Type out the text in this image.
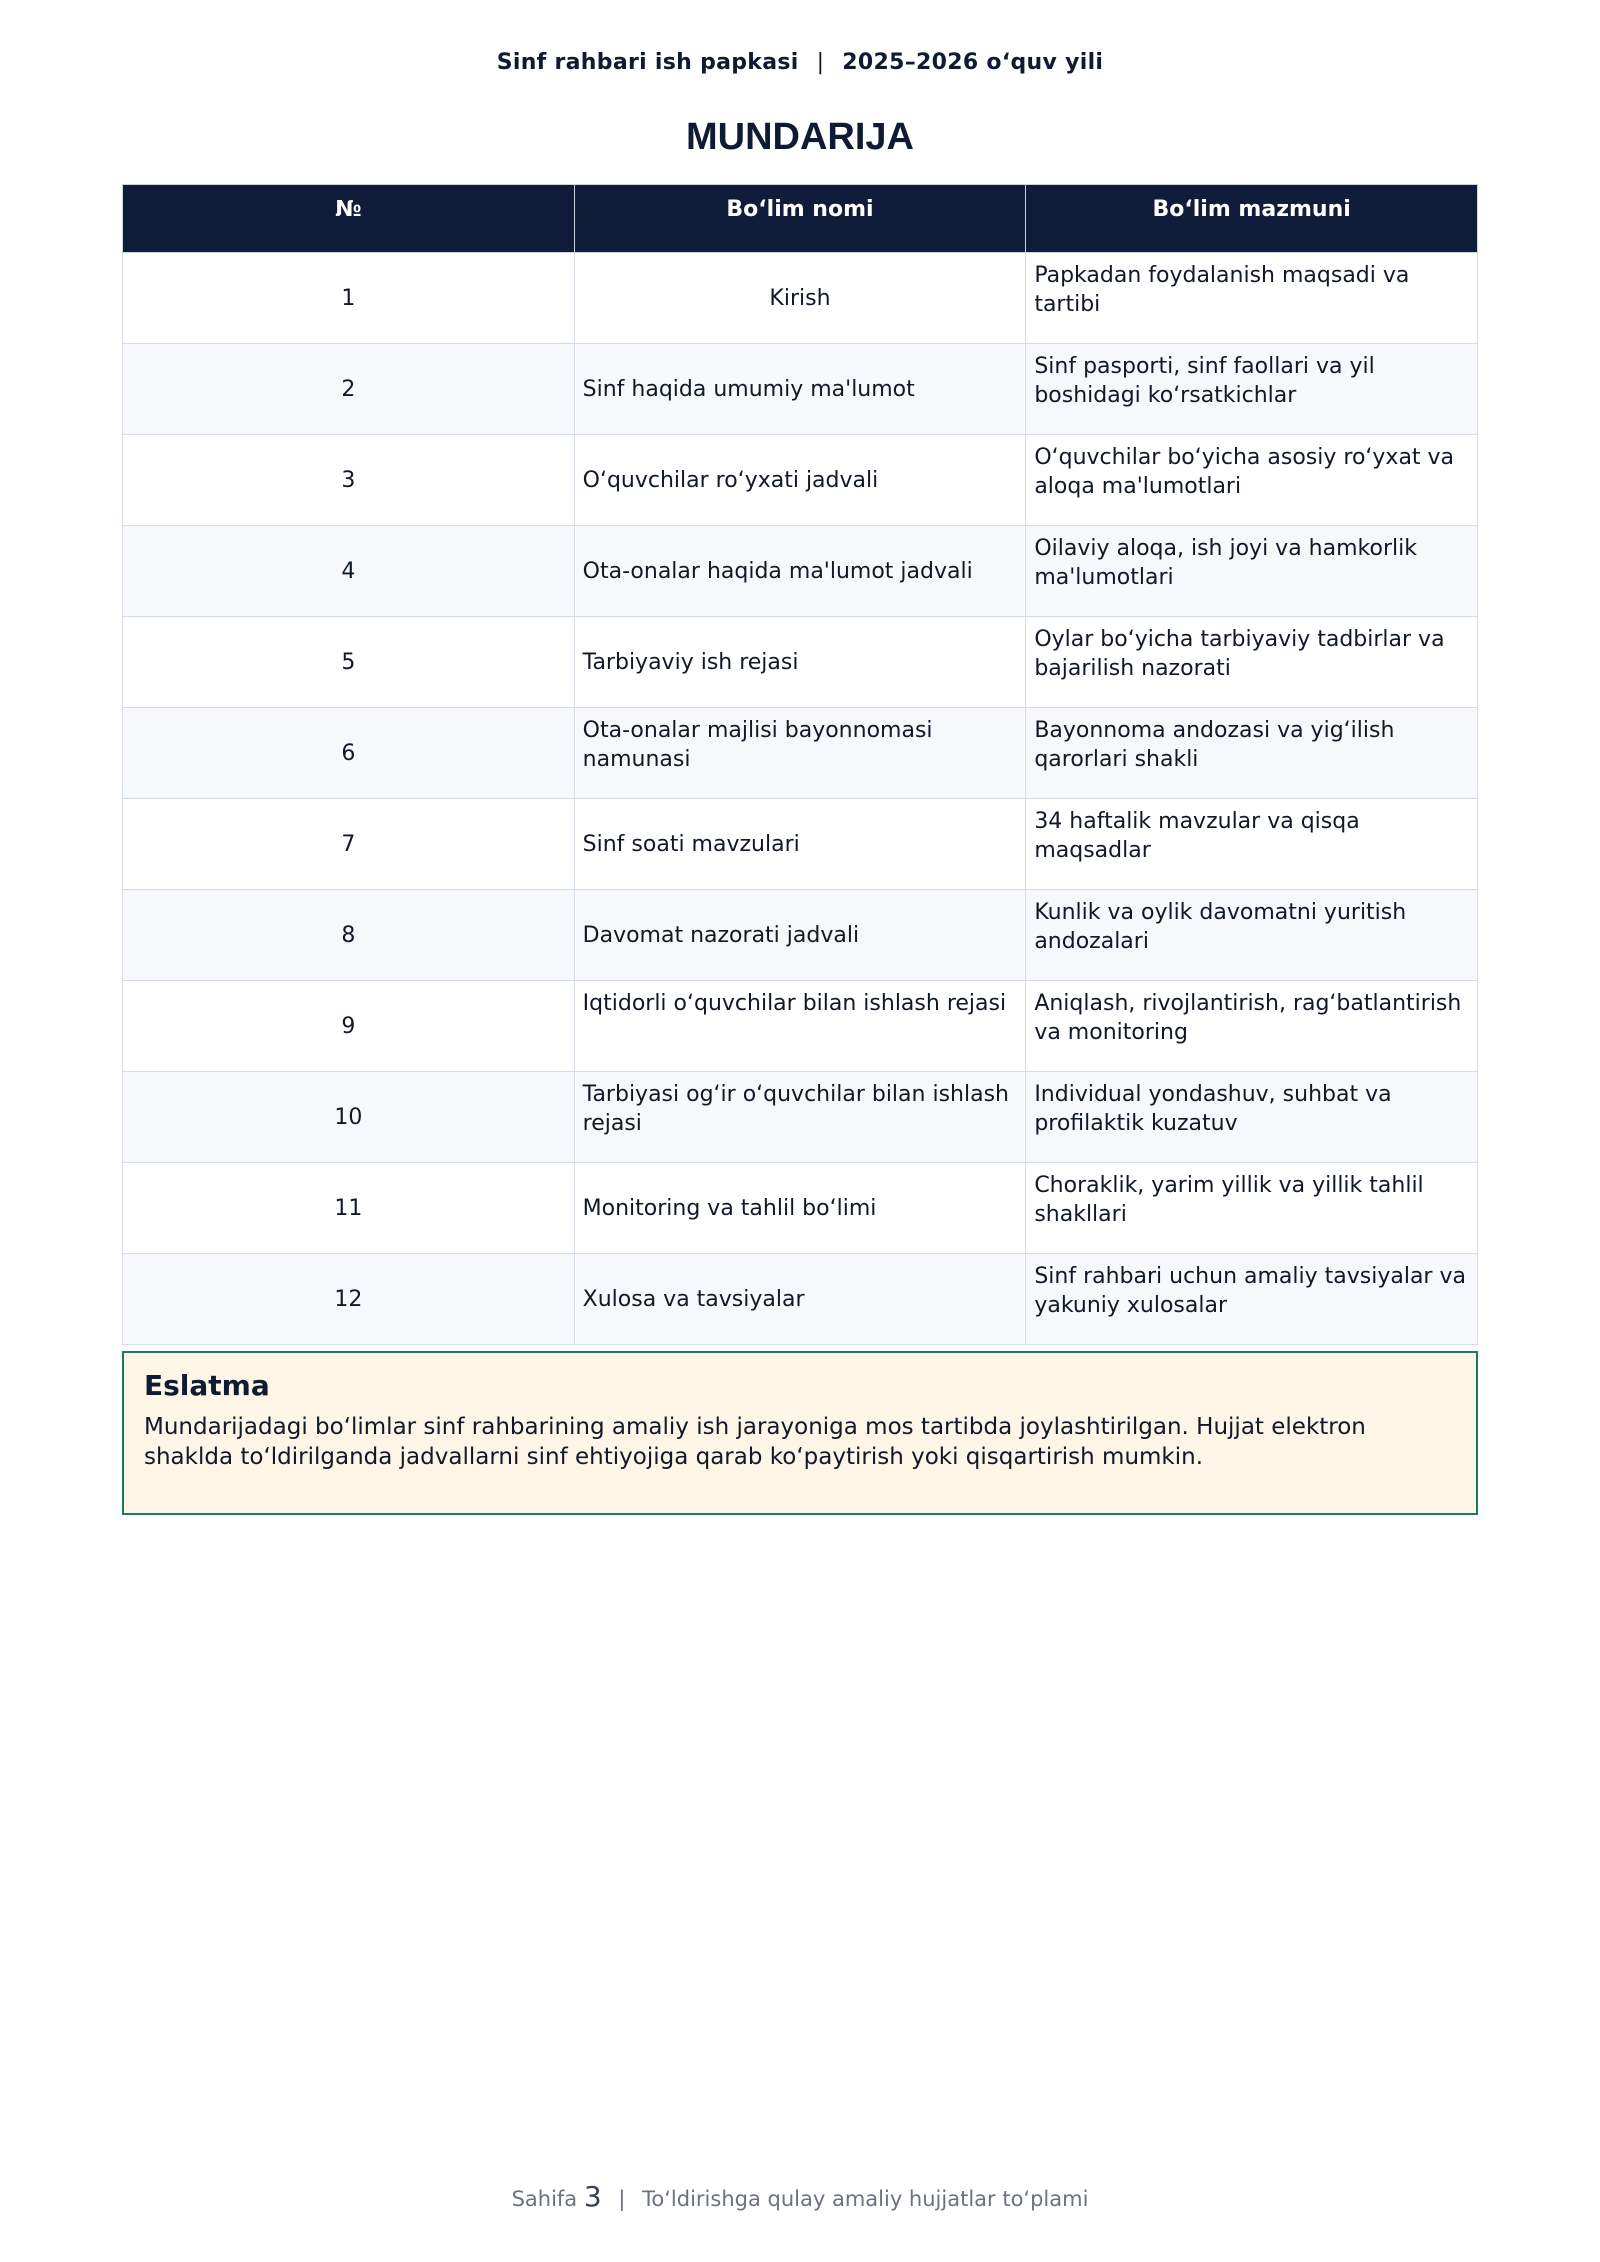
Sinf rahbari ish papkasi | 2025–2026 o‘quv yili
MUNDARIJA
№	Bo‘lim nomi	Bo‘lim mazmuni
1	Kirish	Papkadan foydalanish maqsadi va tartibi
2	Sinf haqida umumiy ma'lumot	Sinf pasporti, sinf faollari va yil boshidagi ko‘rsatkichlar
3	O‘quvchilar ro‘yxati jadvali	O‘quvchilar bo‘yicha asosiy ro‘yxat va aloqa ma'lumotlari
4	Ota-onalar haqida ma'lumot jadvali	Oilaviy aloqa, ish joyi va hamkorlik ma'lumotlari
5	Tarbiyaviy ish rejasi	Oylar bo‘yicha tarbiyaviy tadbirlar va bajarilish nazorati
6	Ota-onalar majlisi bayonnomasi namunasi	Bayonnoma andozasi va yig‘ilish qarorlari shakli
7	Sinf soati mavzulari	34 haftalik mavzular va qisqa maqsadlar
8	Davomat nazorati jadvali	Kunlik va oylik davomatni yuritish andozalari
9	Iqtidorli o‘quvchilar bilan ishlash rejasi	Aniqlash, rivojlantirish, rag‘batlantirish va monitoring
10	Tarbiyasi og‘ir o‘quvchilar bilan ishlash rejasi	Individual yondashuv, suhbat va profilaktik kuzatuv
11	Monitoring va tahlil bo‘limi	Choraklik, yarim yillik va yillik tahlil shakllari
12	Xulosa va tavsiyalar	Sinf rahbari uchun amaliy tavsiyalar va yakuniy xulosalar

Eslatma

Mundarijadagi bo‘limlar sinf rahbarining amaliy ish jarayoniga mos tartibda joylashtirilgan. Hujjat elektron shaklda to‘ldirilganda jadvallarni sinf ehtiyojiga qarab ko‘paytirish yoki qisqartirish mumkin.

Sahifa 3 | To‘ldirishga qulay amaliy hujjatlar to‘plami
